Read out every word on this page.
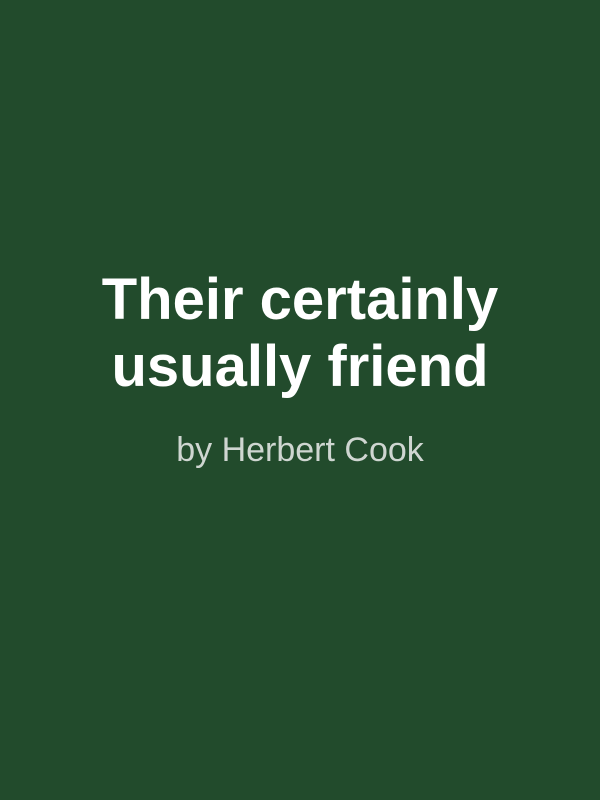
Their certainly
usually friend
by Herbert Cook
